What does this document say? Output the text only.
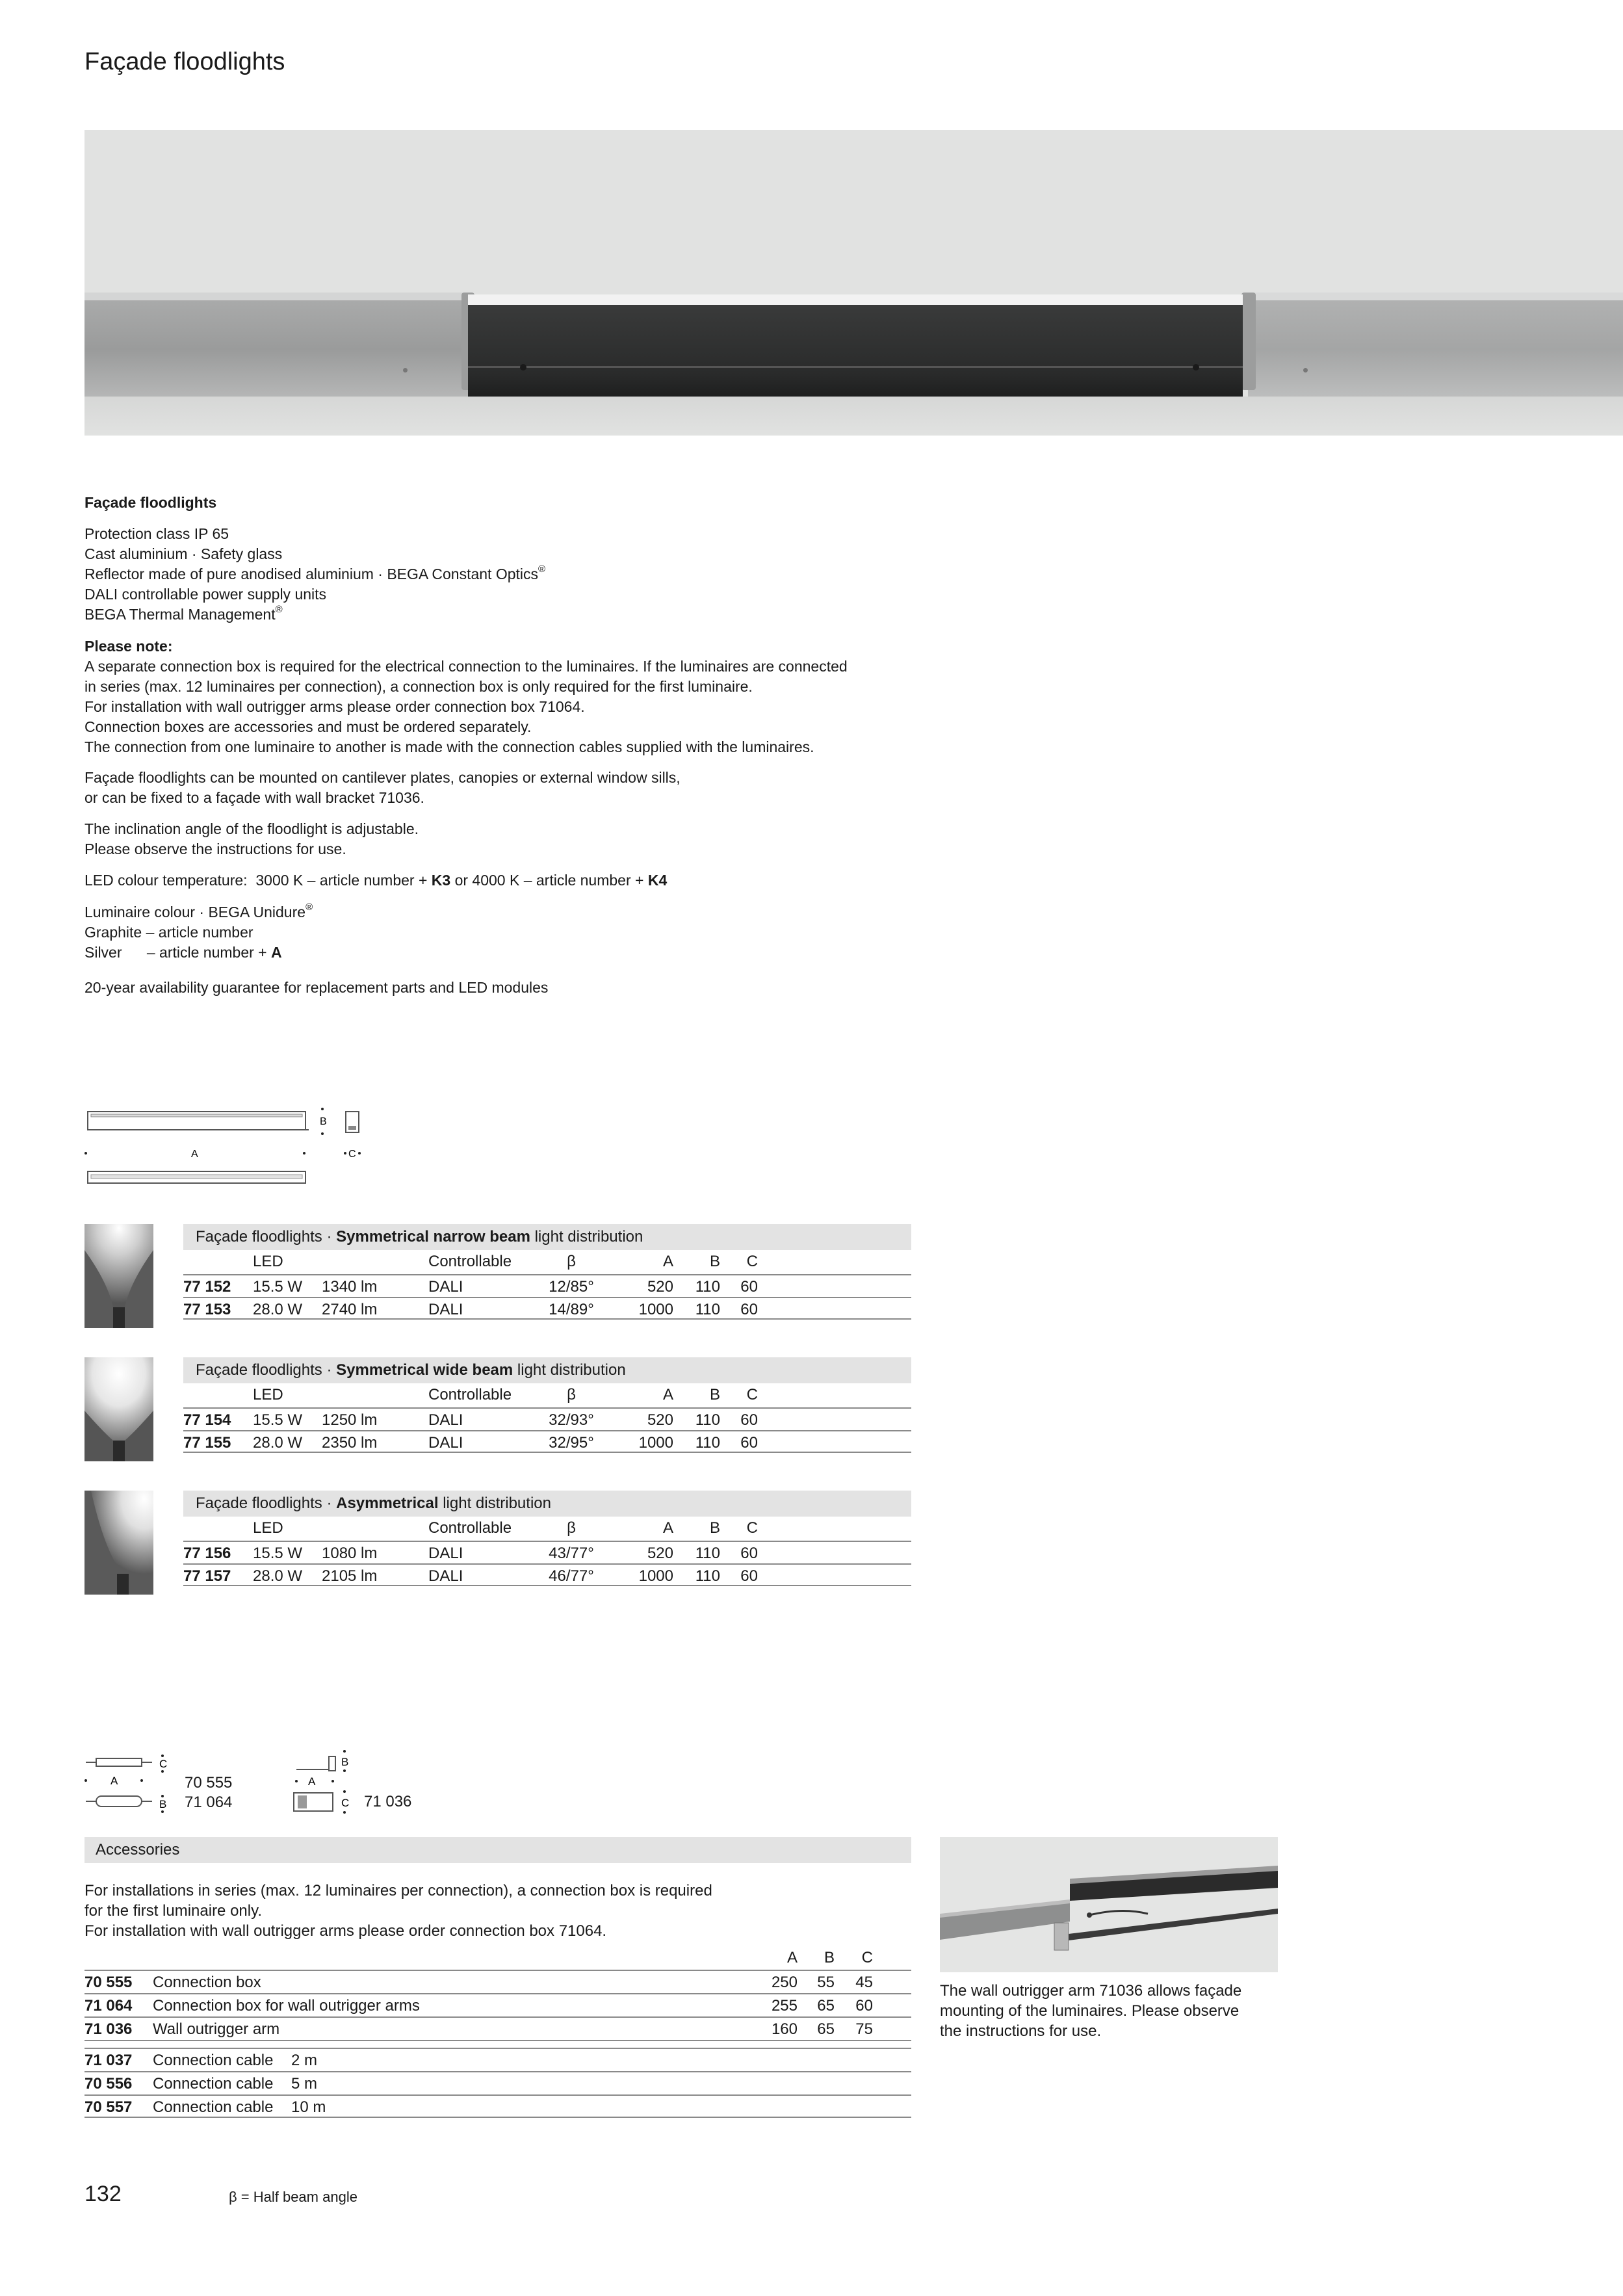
Façade floodlights
Façade floodlights
Protection class IP 65
Cast aluminium · Safety glass
Reflector made of pure anodised aluminium · BEGA Constant Optics®
DALI controllable power supply units
BEGA Thermal Management®
Please note:
A separate connection box is required for the electrical connection to the luminaires. If the luminaires are connected
in series (max. 12 luminaires per connection), a connection box is only required for the first luminaire.
For installation with wall outrigger arms please order connection box 71064.
Connection boxes are accessories and must be ordered separately.
The connection from one luminaire to another is made with the connection cables supplied with the luminaires.
Façade floodlights can be mounted on cantilever plates, canopies or external window sills,
or can be fixed to a façade with wall bracket 71036.
The inclination angle of the floodlight is adjustable.
Please observe the instructions for use.
LED colour temperature: 3000 K – article number + K3 or 4000 K – article number + K4
Luminaire colour · BEGA Unidure®
Graphite – article number
Silver – article number + A
20-year availability guarantee for replacement parts and LED modules
B
A	C
Façade floodlights · Symmetrical narrow beam light distribution
LED	Controllable	β	A B C
77 152 15.5 W 1340 lm	DALI	12/85°	520 110 60
77 153 28.0 W 2740 lm	DALI	14/89°	1000 110 60
Façade floodlights · Symmetrical wide beam light distribution
LED	Controllable	β	A B C
77 154 15.5 W 1250 lm	DALI	32/93°	520 110 60
77 155 28.0 W 2350 lm	DALI	32/95°	1000 110 60
Façade floodlights · Asymmetrical light distribution
LED	Controllable	β	A B C
77 156 15.5 W 1080 lm	DALI	43/77°	520 110 60
77 157 28.0 W 2105 lm	DALI	46/77°	1000 110 60
A
C
B
70 555
71 064
A
B
C 71 036
Accessories
For installations in series (max. 12 luminaires per connection), a connection box is required
for the first luminaire only.
For installation with wall outrigger arms please order connection box 71064.
A B C
70 555 Connection box	250 55 45
71 064 Connection box for wall outrigger arms	255 65 60
71 036 Wall outrigger arm	160 65 75
71 037 Connection cable 2 m
70 556 Connection cable 5 m
70 557 Connection cable 10 m
The wall outrigger arm 71036 allows façade
mounting of the luminaires. Please observe
the instructions for use.
132	β = Half beam angle
